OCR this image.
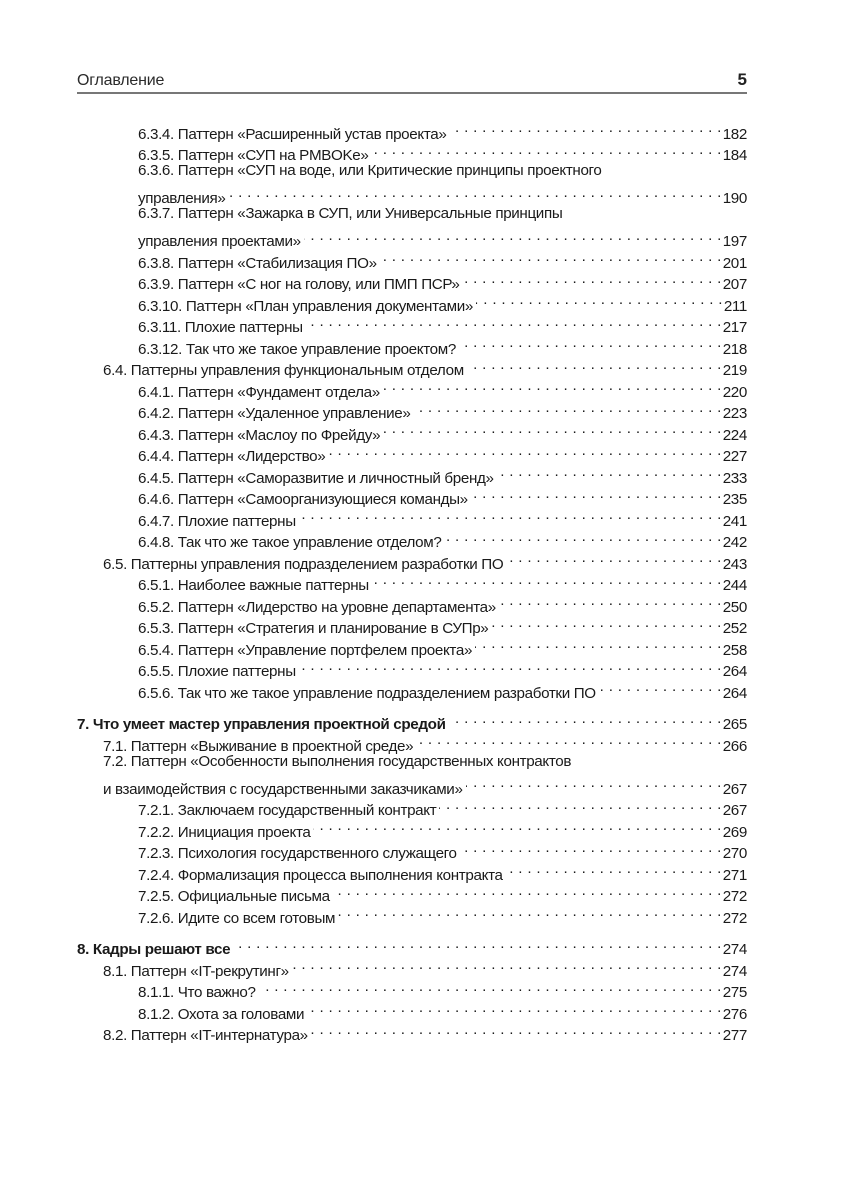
Оглавление	5
6.3.4. Паттерн «Расширенный устав проекта» . . .	182
6.3.5. Паттерн «СУП на PMBOKe» . . .	184
6.3.6. Паттерн «СУП на воде, или Критические принципы проектного
управления» . . .	190
6.3.7. Паттерн «Зажарка в СУП, или Универсальные принципы
управления проектами» . . .	197
6.3.8. Паттерн «Стабилизация ПО» . . .	201
6.3.9. Паттерн «С ног на голову, или ПМП ПСР» . . .	207
6.3.10. Паттерн «План управления документами» . . .	211
6.3.11. Плохие паттерны . . .	217
6.3.12. Так что же такое управление проектом? . . .	218
6.4. Паттерны управления функциональным отделом . . .	219
6.4.1. Паттерн «Фундамент отдела» . . .	220
6.4.2. Паттерн «Удаленное управление» . . .	223
6.4.3. Паттерн «Маслоу по Фрейду» . . .	224
6.4.4. Паттерн «Лидерство» . . .	227
6.4.5. Паттерн «Саморазвитие и личностный бренд» . . .	233
6.4.6. Паттерн «Самоорганизующиеся команды» . . .	235
6.4.7. Плохие паттерны . . .	241
6.4.8. Так что же такое управление отделом? . . .	242
6.5. Паттерны управления подразделением разработки ПО . . .	243
6.5.1. Наиболее важные паттерны . . .	244
6.5.2. Паттерн «Лидерство на уровне департамента» . . .	250
6.5.3. Паттерн «Стратегия и планирование в СУПр» . . .	252
6.5.4. Паттерн «Управление портфелем проекта» . . .	258
6.5.5. Плохие паттерны . . .	264
6.5.6. Так что же такое управление подразделением разработки ПО . . .	264
7. Что умеет мастер управления проектной средой . . .	265
7.1. Паттерн «Выживание в проектной среде» . . .	266
7.2. Паттерн «Особенности выполнения государственных контрактов
и взаимодействия с государственными заказчиками» . . .	267
7.2.1. Заключаем государственный контракт . . .	267
7.2.2. Инициация проекта . . .	269
7.2.3. Психология государственного служащего . . .	270
7.2.4. Формализация процесса выполнения контракта . . .	271
7.2.5. Официальные письма . . .	272
7.2.6. Идите со всем готовым . . .	272
8. Кадры решают все . . .	274
8.1. Паттерн «IT-рекрутинг» . . .	274
8.1.1. Что важно? . . .	275
8.1.2. Охота за головами . . .	276
8.2. Паттерн «IT-интернатура» . . .	277
